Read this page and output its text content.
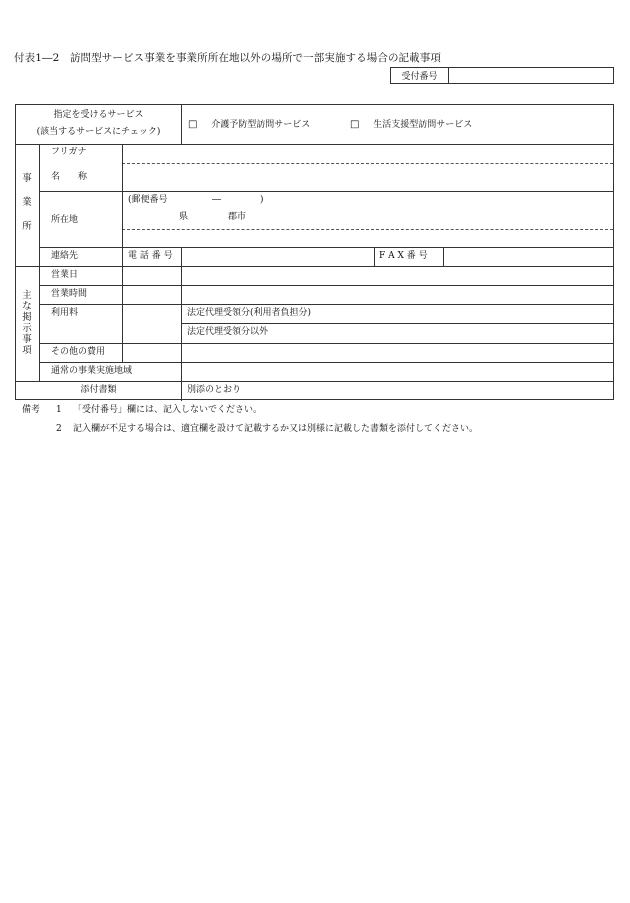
付表1―2　訪問型サービス事業を事業所所在地以外の場所で一部実施する場合の記載事項
受付番号
指定を受けるサービス
(該当するサービスにチェック)
□ 介護予防型訪問サービス	□ 生活支援型訪問サービス
事
業
所
フリガナ
名　　称
所在地
(郵便番号	―	)
県	郡市
連絡先	電 話 番 号	F A X 番 号
主
な
掲
示
事
項
営業日
営業時間
利用料	法定代理受領分(利用者負担分)
法定代理受領分以外
その他の費用
通常の事業実施地域
添付書類	別添のとおり
備考 1 「受付番号」欄には、記入しないでください。
2 記入欄が不足する場合は、適宜欄を設けて記載するか又は別様に記載した書類を添付してください。
